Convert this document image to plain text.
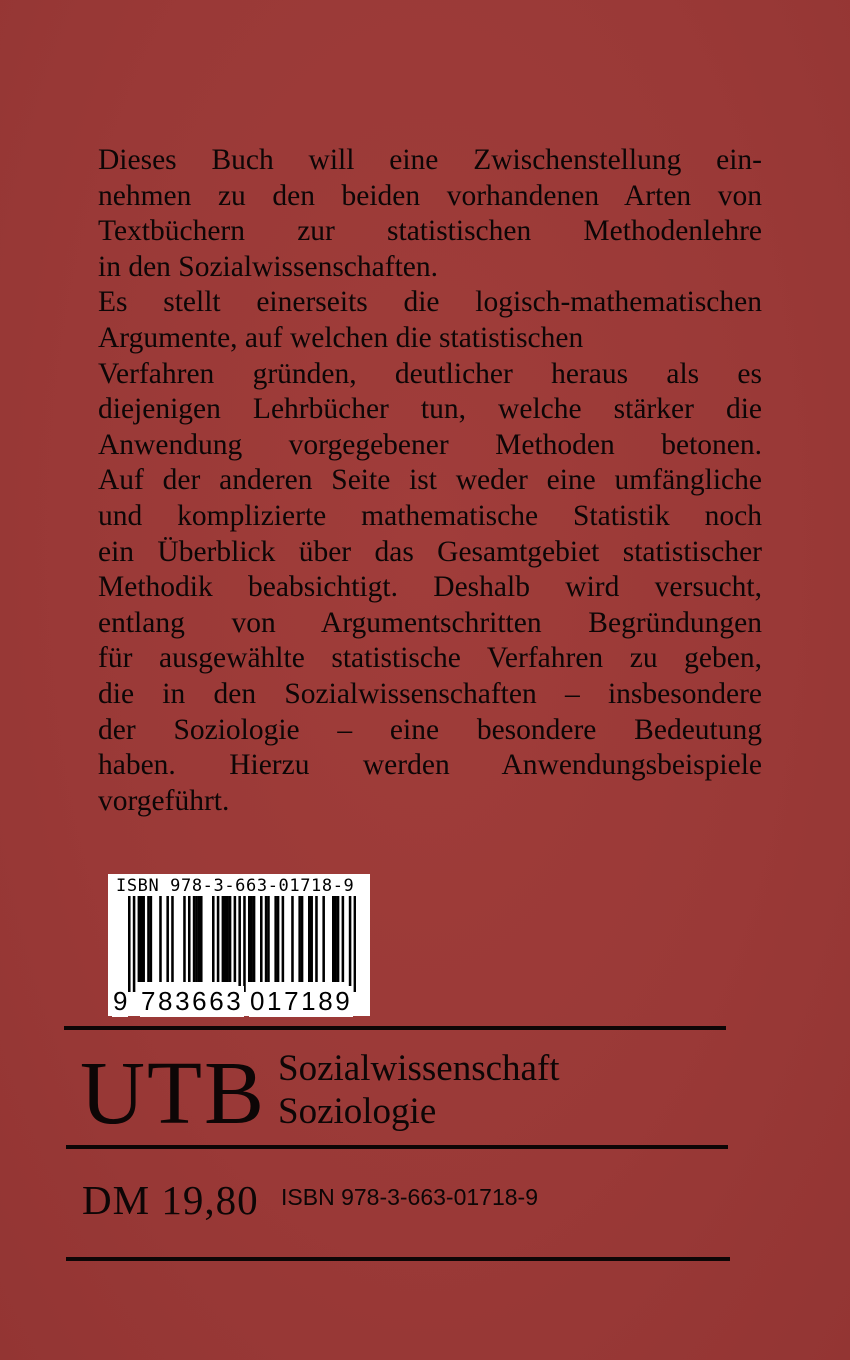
Dieses Buch will eine Zwischenstellung ein-
nehmen zu den beiden vorhandenen Arten von
Textbüchern zur statistischen Methodenlehre
in den Sozialwissenschaften.
Es stellt einerseits die logisch-mathematischen
Argumente, auf welchen die statistischen
Verfahren gründen, deutlicher heraus als es
diejenigen Lehrbücher tun, welche stärker die
Anwendung vorgegebener Methoden betonen.
Auf der anderen Seite ist weder eine umfängliche
und komplizierte mathematische Statistik noch
ein Überblick über das Gesamtgebiet statistischer
Methodik beabsichtigt. Deshalb wird versucht,
entlang von Argumentschritten Begründungen
für ausgewählte statistische Verfahren zu geben,
die in den Sozialwissenschaften – insbesondere
der Soziologie – eine besondere Bedeutung
haben. Hierzu werden Anwendungsbeispiele
vorgeführt.
ISBN 978-3-663-01718-9
9 783663 017189
UTB Sozialwissenschaft
Soziologie
DM 19,80 ISBN 978-3-663-01718-9
